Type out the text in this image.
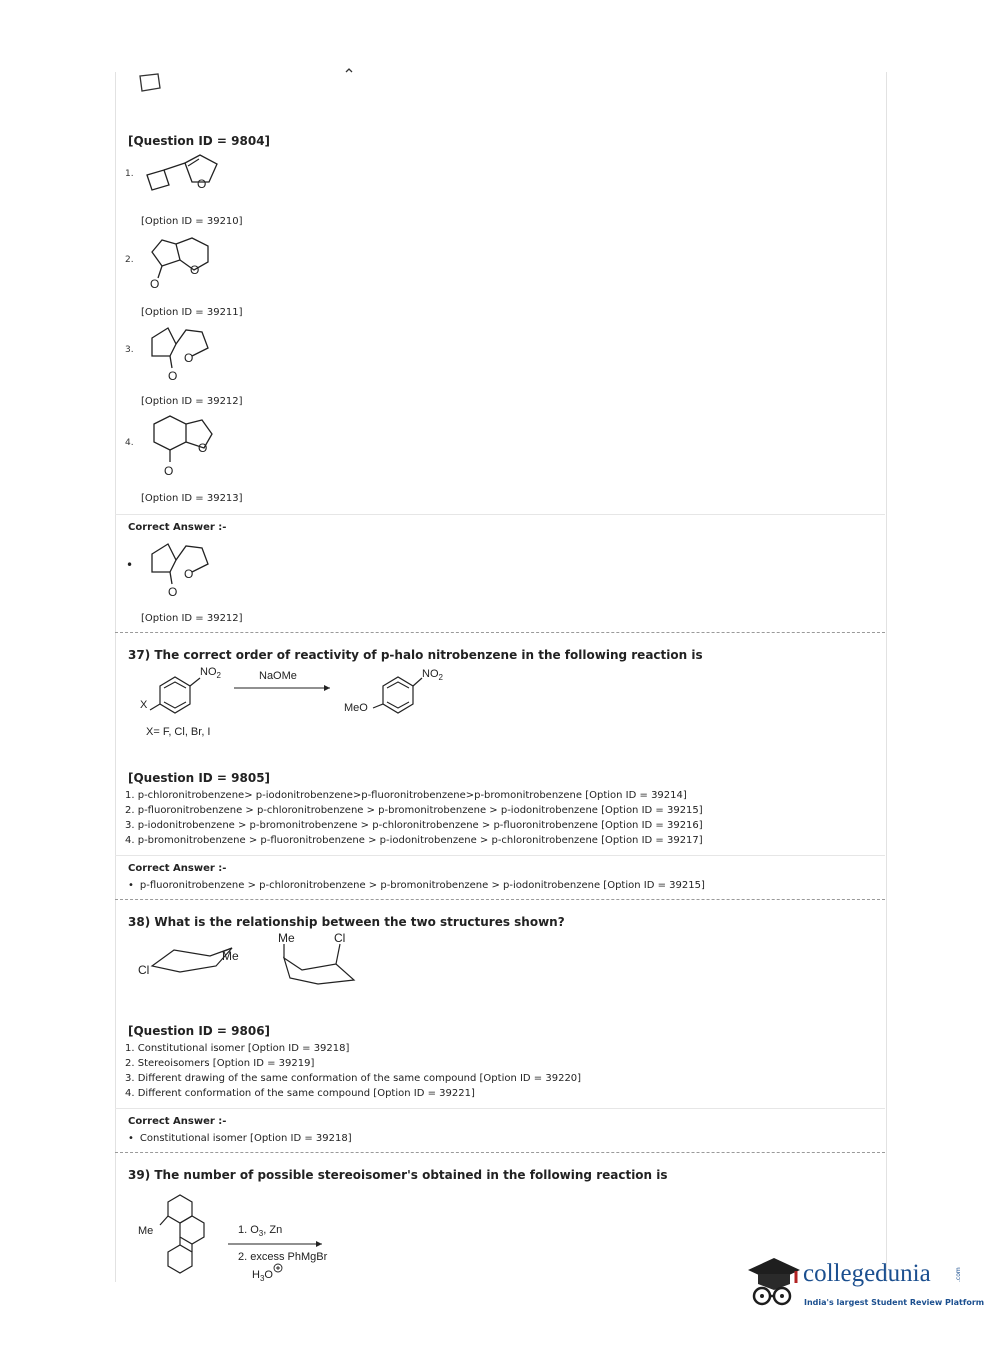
[Question ID = 9804]
1.
O
[Option ID = 39210]
2.
O
O
[Option ID = 39211]
3.
O
O
[Option ID = 39212]
4.
O
O
[Option ID = 39213]
Correct Answer :-
•
O
O
[Option ID = 39212]
37) The correct order of reactivity of p-halo nitrobenzene in the following reaction is
$NO_2$
X
NaOMe	$NO_2$
MeO
X= F, Cl, Br, I
[Question ID = 9805]
1. p-chloronitrobenzene> p-iodonitrobenzene>p-fluoronitrobenzene>p-bromonitrobenzene [Option ID = 39214]
2. p-fluoronitrobenzene > p-chloronitrobenzene > p-bromonitrobenzene > p-iodonitrobenzene [Option ID = 39215]
3. p-iodonitrobenzene > p-bromonitrobenzene > p-chloronitrobenzene > p-fluoronitrobenzene [Option ID = 39216]
4. p-bromonitrobenzene > p-fluoronitrobenzene > p-iodonitrobenzene > p-chloronitrobenzene [Option ID = 39217]
Correct Answer :-
• p-fluoronitrobenzene > p-chloronitrobenzene > p-bromonitrobenzene > p-iodonitrobenzene [Option ID = 39215]
38) What is the relationship between the two structures shown?
Me	Cl
Cl
Me
[Question ID = 9806]
1. Constitutional isomer [Option ID = 39218]
2. Stereoisomers [Option ID = 39219]
3. Different drawing of the same conformation of the same compound [Option ID = 39220]
4. Different conformation of the same compound [Option ID = 39221]
Correct Answer :-
• Constitutional isomer [Option ID = 39218]
39) The number of possible stereoisomer's obtained in the following reaction is
Me	1. $O_3$, Zn
2. excess PhMgBr
$H_3O$	collegedunia	.com
India's largest Student Review Platform
